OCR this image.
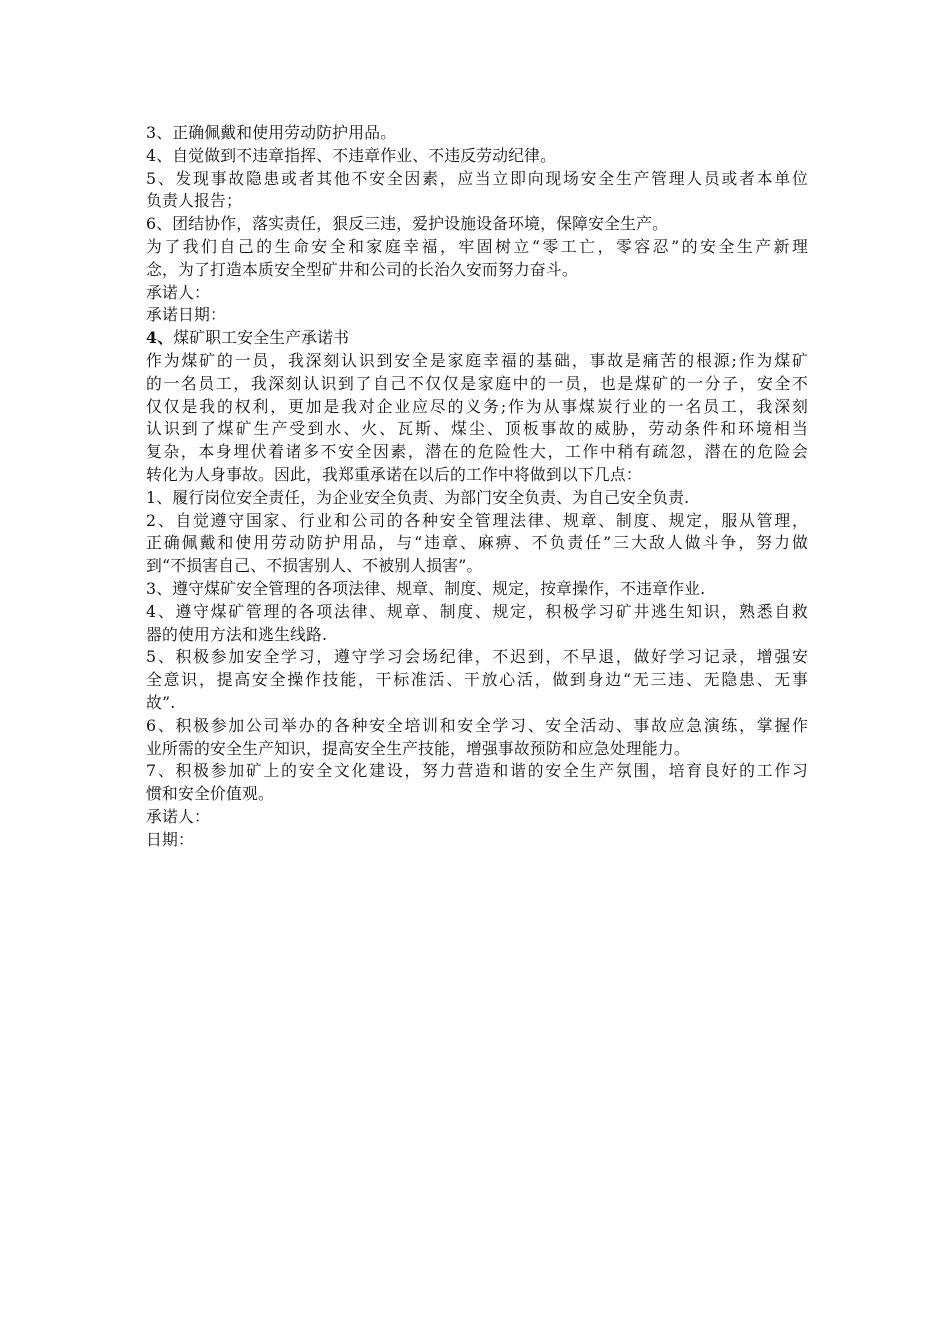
3、正确佩戴和使用劳动防护用品。
4、自觉做到不违章指挥、不违章作业、不违反劳动纪律。
5、发现事故隐患或者其他不安全因素，应当立即向现场安全生产管理人员或者本单位
负责人报告；
6、团结协作，落实责任，狠反三违，爱护设施设备环境，保障安全生产。
为了我们自己的生命安全和家庭幸福，牢固树立“零工亡，零容忍”的安全生产新理
念，为了打造本质安全型矿井和公司的长治久安而努力奋斗。
承诺人：
承诺日期：
4、煤矿职工安全生产承诺书
作为煤矿的一员，我深刻认识到安全是家庭幸福的基础，事故是痛苦的根源;作为煤矿
的一名员工，我深刻认识到了自己不仅仅是家庭中的一员，也是煤矿的一分子，安全不
仅仅是我的权利，更加是我对企业应尽的义务;作为从事煤炭行业的一名员工，我深刻
认识到了煤矿生产受到水、火、瓦斯、煤尘、顶板事故的威胁，劳动条件和环境相当
复杂，本身埋伏着诸多不安全因素，潜在的危险性大，工作中稍有疏忽，潜在的危险会
转化为人身事故。因此，我郑重承诺在以后的工作中将做到以下几点：
1、履行岗位安全责任，为企业安全负责、为部门安全负责、为自己安全负责.
2、自觉遵守国家、行业和公司的各种安全管理法律、规章、制度、规定，服从管理，
正确佩戴和使用劳动防护用品，与“违章、麻痹、不负责任”三大敌人做斗争，努力做
到“不损害自己、不损害别人、不被别人损害”。
3、遵守煤矿安全管理的各项法律、规章、制度、规定，按章操作，不违章作业.
4、遵守煤矿管理的各项法律、规章、制度、规定，积极学习矿井逃生知识，熟悉自救
器的使用方法和逃生线路.
5、积极参加安全学习，遵守学习会场纪律，不迟到，不早退，做好学习记录，增强安
全意识，提高安全操作技能，干标准活、干放心活，做到身边“无三违、无隐患、无事
故”.
6、积极参加公司举办的各种安全培训和安全学习、安全活动、事故应急演练，掌握作
业所需的安全生产知识，提高安全生产技能，增强事故预防和应急处理能力。
7、积极参加矿上的安全文化建设，努力营造和谐的安全生产氛围，培育良好的工作习
惯和安全价值观。
承诺人：
日期：
